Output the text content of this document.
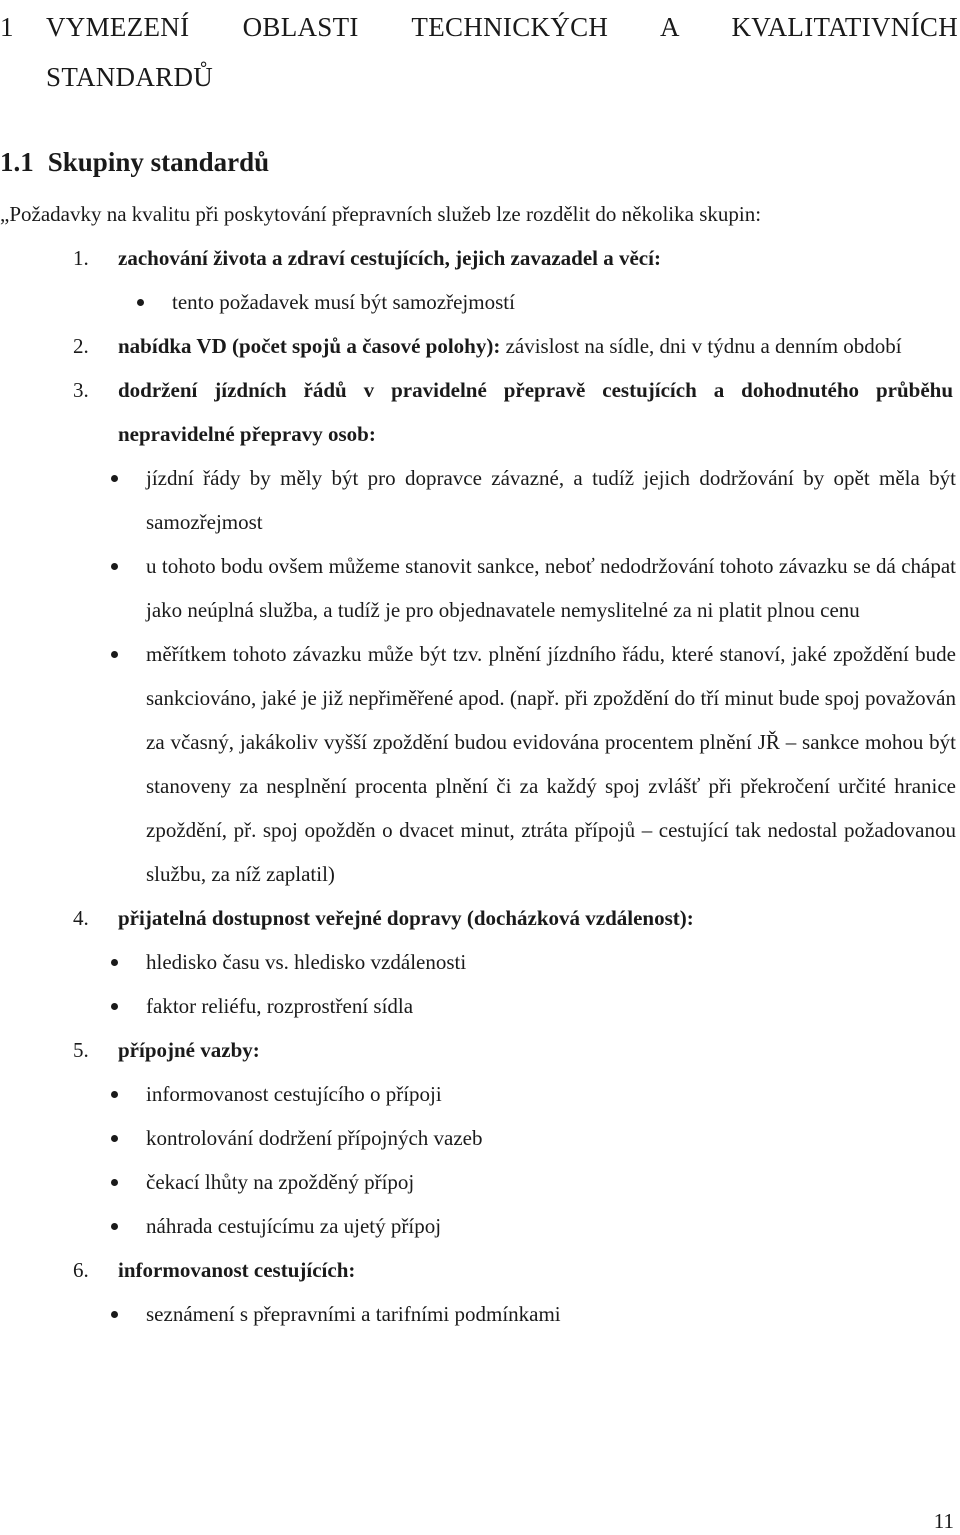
1 VYMEZENÍ OBLASTI TECHNICKÝCH A KVALITATIVNÍCH
STANDARDŮ
1.1 Skupiny standardů
„Požadavky na kvalitu při poskytování přepravních služeb lze rozdělit do několika skupin:
1. zachování života a zdraví cestujících, jejich zavazadel a věcí:
tento požadavek musí být samozřejmostí
2. nabídka VD (počet spojů a časové polohy): závislost na sídle, dni v týdnu a denním období
3. dodržení jízdních řádů v pravidelné přepravě cestujících a dohodnutého průběhu nepravidelné přepravy osob:
jízdní řády by měly být pro dopravce závazné, a tudíž jejich dodržování by opět měla být samozřejmost
u tohoto bodu ovšem můžeme stanovit sankce, neboť nedodržování tohoto závazku se dá chápat jako neúplná služba, a tudíž je pro objednavatele nemyslitelné za ni platit plnou cenu
měřítkem tohoto závazku může být tzv. plnění jízdního řádu, které stanoví, jaké zpoždění bude sankciováno, jaké je již nepřiměřené apod. (např. při zpoždění do tří minut bude spoj považován za včasný, jakákoliv vyšší zpoždění budou evidována procentem plnění JŘ – sankce mohou být stanoveny za nesplnění procenta plnění či za každý spoj zvlášť při překročení určité hranice zpoždění, př. spoj opožděn o dvacet minut, ztráta přípojů – cestující tak nedostal požadovanou službu, za níž zaplatil)
4. přijatelná dostupnost veřejné dopravy (docházková vzdálenost):
hledisko času vs. hledisko vzdálenosti
faktor reliéfu, rozprostření sídla
5. přípojné vazby:
informovanost cestujícího o přípoji
kontrolování dodržení přípojných vazeb
čekací lhůty na zpožděný přípoj
náhrada cestujícímu za ujetý přípoj
6. informovanost cestujících:
seznámení s přepravními a tarifními podmínkami
11
